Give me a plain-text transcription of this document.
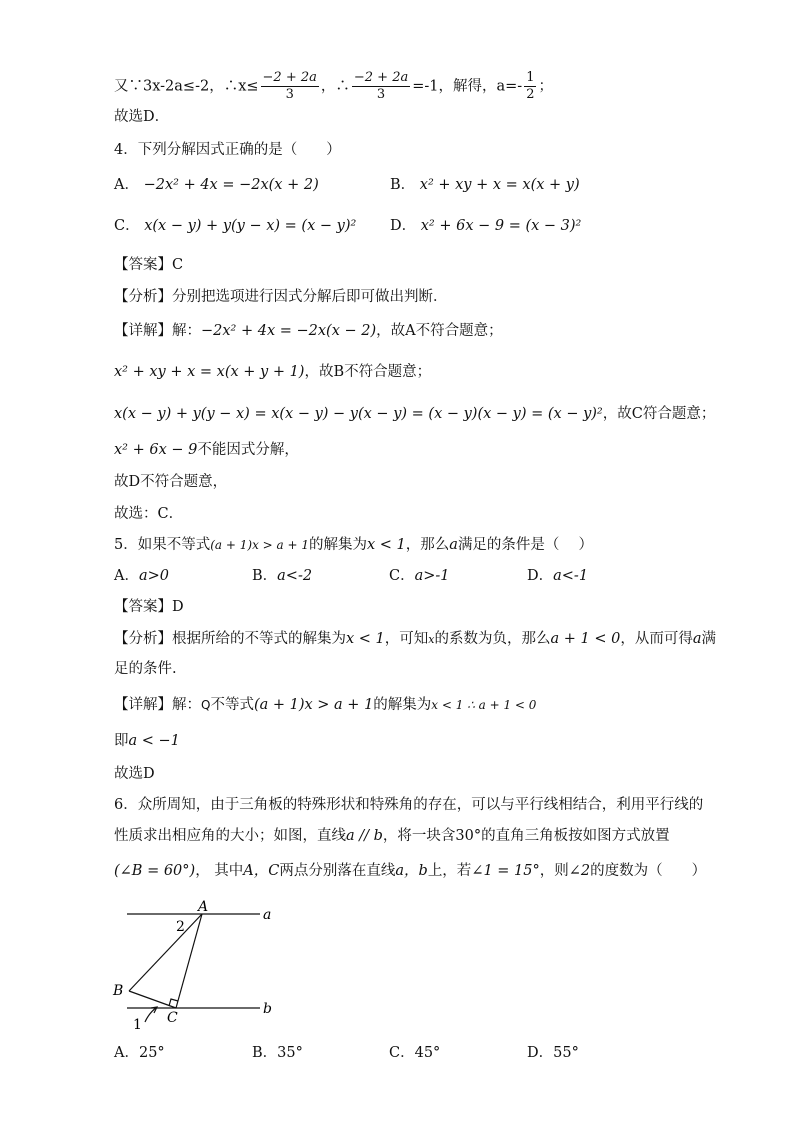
又∵3x-2a≤-2，∴x≤ $\frac{-2 + 2a}{3}$ ，∴ $\frac{-2 + 2a}{3} =-1$，解得，$a=- \frac{1}{2}$ ；
故选D．
4．下列分解因式正确的是（　　）
A． −2x² + 4x = −2x(x + 2)	B． x² + xy + x = x(x + y)
C． x(x − y) + y(y − x) = (x − y)² D． x² + 6x − 9 = (x − 3)²
【答案】C
【分析】分别把选项进行因式分解后即可做出判断．
【详解】解：−2x² + 4x = −2x(x − 2)，故A不符合题意；
x² + xy + x = x(x + y + 1)，故B不符合题意；
x(x − y) + y(y − x) = x(x − y) − y(x − y) = (x − y)(x − y) = (x − y)²，故C符合题意；
x² + 6x − 9不能因式分解，
故D不符合题意，
故选：C．
5．如果不等式(a + 1)x > a + 1的解集为x < 1，那么a满足的条件是（　 ）
A．a>0	B．a<-2	C．a>-1	D．a<-1
【答案】D
【分析】根据所给的不等式的解集为x < 1，可知x的系数为负，那么a + 1 < 0，从而可得a满
足的条件.
【详解】解：Q不等式(a + 1)x > a + 1的解集为x < 1 ∴ a + 1 < 0
即a < −1
故选D
6．众所周知，由于三角板的特殊形状和特殊角的存在，可以与平行线相结合，利用平行线的
性质求出相应角的大小；如图，直线a // b，将一块含30°的直角三角板按如图方式放置
(∠B = 60°)， 其中A，C两点分别落在直线a，b上，若∠1 = 15°，则∠2的度数为（　　）
A
2
a
B
b
C
1
A．25°	B．35°	C．45°	D．55°
